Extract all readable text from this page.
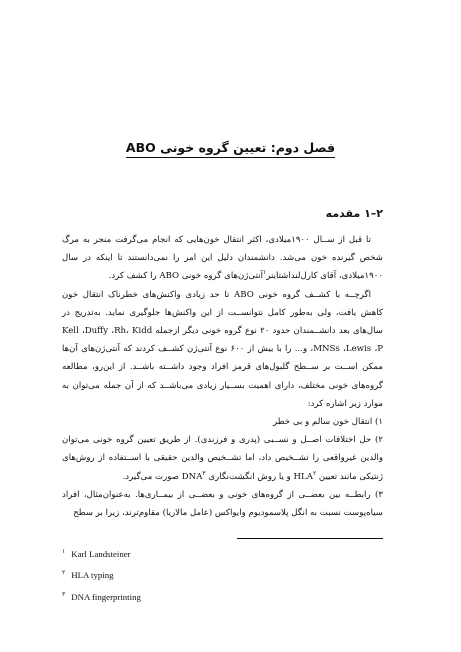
فصل دوم: تعیین گروه خونی ABO
۲–۱ مقدمه

تا قبل از ســال ۱۹۰۰میلادی، اکثر انتقال خون‌هایی که انجام می‌گرفت منجر به مرگ شخص گیرنده خون می‌شد. دانشمندان دلیل این امر را نمی‌دانستند تا اینکه در سال ۱۹۰۰میلادی، آقای کارل‌لنداشتاینر$^۱$آنتی‌ژن‌های گروه خونی ABO را کشف کرد.

اگرچــه با کشــف گروه خونی ABO تا حد زیادی واکنش‌های خطرناک انتقال خون کاهش یافت، ولی به‌طور کامل نتوانســت از این واکنش‌ها جلوگیری نماید. به‌تدریج در سال‌های بعد دانشــمندان حدود ۲۰ نوع گروه خونی دیگر ازجمله Kell ،Duffy ،Rh، Kidd ،MNSs ،Lewis ،P و... را با بیش از ۶۰۰ نوع آنتی‌ژن کشــف کردند که آنتی‌ژن‌های آن‌ها ممکن اســت بر ســطح گلبول‌های قرمز افراد وجود داشــته باشــد. از این‌رو، مطالعه گروه‌های خونی مختلف، دارای اهمیت بســیار زیادی می‌باشــد که از آن جمله می‌توان به موارد زیر اشاره کرد:

۱) انتقال خون سالم و بی خطر

۲) حل اختلافات اصــل و نســبی (پدری و فرزندی). از طریق تعیین گروه خونی می‌توان والدین غیرواقعی را تشــخیص داد، اما تشــخیص والدین حقیقی با اســتفاده از روش‌های ژنتیکی مانند تعیین HLA$^۲$ و یا روش انگشت‌نگاری DNA$^۳$ صورت می‌گیرد.

۳) رابطــه بین بعضــی از گروه‌های خونی و بعضــی از بیمــاری‌ها. به‌عنوان‌مثال، افراد سیاه‌پوست نسبت به انگل پلاسمودیوم وایواکس (عامل مالاریا) مقاوم‌ترند، زیرا بر سطح

$^۱$ Karl Landsteiner
$^۲$ HLA typing
$^۳$ DNA fingerprinting
